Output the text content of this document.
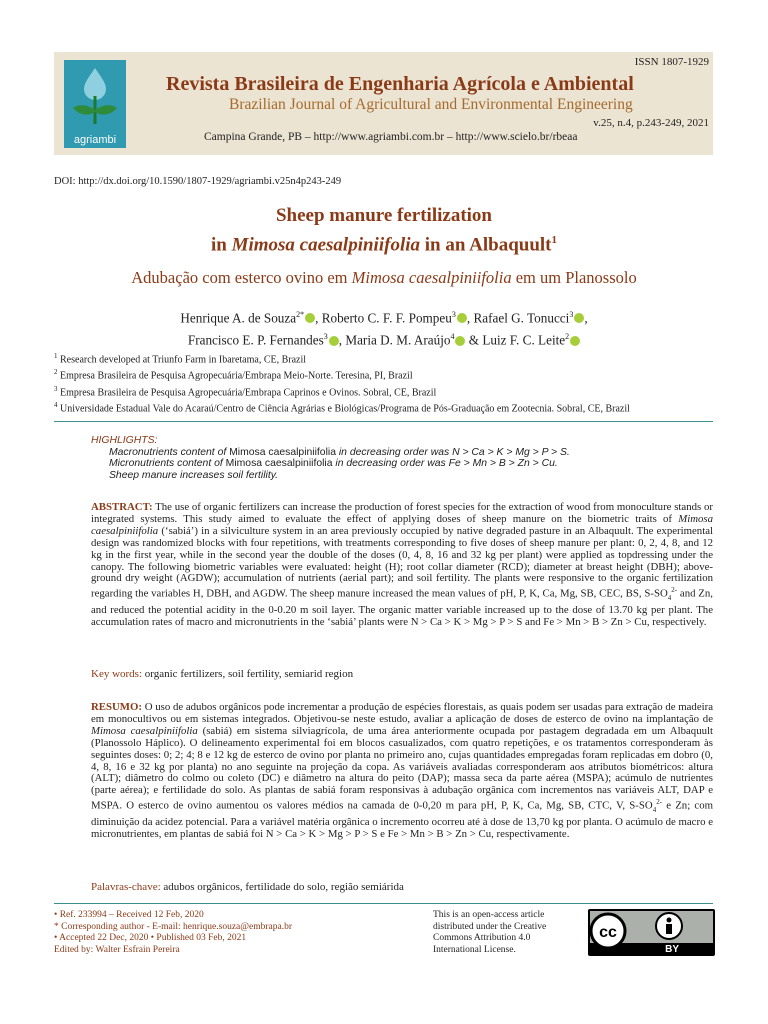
agriambi
ISSN 1807-1929
Revista Brasileira de Engenharia Agrícola e Ambiental
Brazilian Journal of Agricultural and Environmental Engineering
v.25, n.4, p.243-249, 2021
Campina Grande, PB – http://www.agriambi.com.br – http://www.scielo.br/rbeaa
DOI: http://dx.doi.org/10.1590/1807-1929/agriambi.v25n4p243-249
Sheep manure fertilization
in Mimosa caesalpiniifolia in an Albaquult$^1$
Adubação com esterco ovino em Mimosa caesalpiniifolia em um Planossolo
Henrique A. de Souza$^{2*}$ , Roberto C. F. F. Pompeu$^3$ , Rafael G. Tonucci$^3$ ,
Francisco E. P. Fernandes$^3$ , Maria D. M. Araújo$^4$ & Luiz F. C. Leite$^2$
$^1$ Research developed at Triunfo Farm in Ibaretama, CE, Brazil
$^2$ Empresa Brasileira de Pesquisa Agropecuária/Embrapa Meio-Norte. Teresina, PI, Brazil
$^3$ Empresa Brasileira de Pesquisa Agropecuária/Embrapa Caprinos e Ovinos. Sobral, CE, Brazil
$^4$ Universidade Estadual Vale do Acaraú/Centro de Ciência Agrárias e Biológicas/Programa de Pós-Graduação em Zootecnia. Sobral, CE, Brazil
HIGHLIGHTS:
Macronutrients content of Mimosa caesalpiniifolia in decreasing order was N > Ca > K > Mg > P > S.
Micronutrients content of Mimosa caesalpiniifolia in decreasing order was Fe > Mn > B > Zn > Cu.
Sheep manure increases soil fertility.
ABSTRACT: The use of organic fertilizers can increase the production of forest species for the extraction of wood from monoculture stands or integrated systems. This study aimed to evaluate the effect of applying doses of sheep manure on the biometric traits of Mimosa caesalpiniifolia (‘sabiá’) in a silviculture system in an area previously occupied by native degraded pasture in an Albaquult. The experimental design was randomized blocks with four repetitions, with treatments corresponding to five doses of sheep manure per plant: 0, 2, 4, 8, and 12 kg in the first year, while in the second year the double of the doses (0, 4, 8, 16 and 32 kg per plant) were applied as topdressing under the canopy. The following biometric variables were evaluated: height (H); root collar diameter (RCD); diameter at breast height (DBH); above-ground dry weight (AGDW); accumulation of nutrients (aerial part); and soil fertility. The plants were responsive to the organic fertilization regarding the variables H, DBH, and AGDW. The sheep manure increased the mean values of pH, P, K, Ca, Mg, SB, CEC, BS, $S-SO_4^{2-}$ and Zn, and reduced the potential acidity in the 0-0.20 m soil layer. The organic matter variable increased up to the dose of 13.70 kg per plant. The accumulation rates of macro and micronutrients in the ‘sabiá’ plants were N > Ca > K > Mg > P > S and Fe > Mn > B > Zn > Cu, respectively.
Key words: organic fertilizers, soil fertility, semiarid region
RESUMO: O uso de adubos orgânicos pode incrementar a produção de espécies florestais, as quais podem ser usadas para extração de madeira em monocultivos ou em sistemas integrados. Objetivou-se neste estudo, avaliar a aplicação de doses de esterco de ovino na implantação de Mimosa caesalpiniifolia (sabiá) em sistema silviagrícola, de uma área anteriormente ocupada por pastagem degradada em um Albaquult (Planossolo Háplico). O delineamento experimental foi em blocos casualizados, com quatro repetições, e os tratamentos corresponderam às seguintes doses: 0; 2; 4; 8 e 12 kg de esterco de ovino por planta no primeiro ano, cujas quantidades empregadas foram replicadas em dobro (0, 4, 8, 16 e 32 kg por planta) no ano seguinte na projeção da copa. As variáveis avaliadas corresponderam aos atributos biométricos: altura (ALT); diâmetro do colmo ou coleto (DC) e diâmetro na altura do peito (DAP); massa seca da parte aérea (MSPA); acúmulo de nutrientes (parte aérea); e fertilidade do solo. As plantas de sabiá foram responsivas à adubação orgânica com incrementos nas variáveis ALT, DAP e MSPA. O esterco de ovino aumentou os valores médios na camada de 0-0,20 m para pH, P, K, Ca, Mg, SB, CTC, V, $S-SO_4^{2-}$ e Zn; com diminuição da acidez potencial. Para a variável matéria orgânica o incremento ocorreu até à dose de 13,70 kg por planta. O acúmulo de macro e micronutrientes, em plantas de sabiá foi N > Ca > K > Mg > P > S e Fe > Mn > B > Zn > Cu, respectivamente.
Palavras-chave: adubos orgânicos, fertilidade do solo, região semiárida
• Ref. 233994 – Received 12 Feb, 2020
* Corresponding author - E-mail: henrique.souza@embrapa.br
• Accepted 22 Dec, 2020 • Published 03 Feb, 2021
Edited by: Walter Esfrain Pereira
This is an open-access article
distributed under the Creative
Commons Attribution 4.0
International License.
cc
BY
